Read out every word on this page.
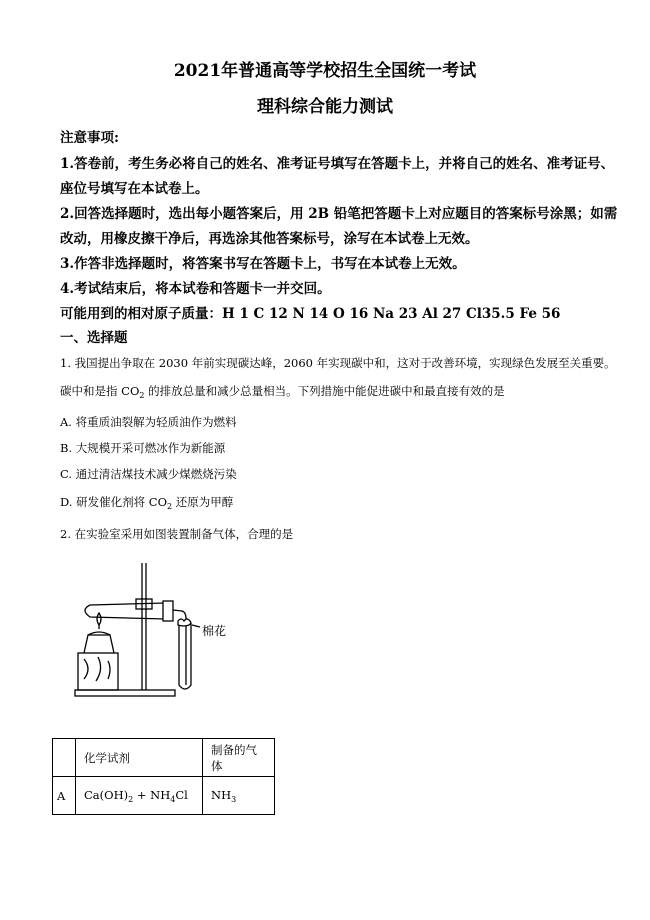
2021年普通高等学校招生全国统一考试
理科综合能力测试
注意事项:
1.答卷前，考生务必将自己的姓名、准考证号填写在答题卡上，并将自己的姓名、准考证号、
座位号填写在本试卷上。
2.回答选择题时，选出每小题答案后，用 2B 铅笔把答题卡上对应题目的答案标号涂黑；如需
改动，用橡皮擦干净后，再选涂其他答案标号，涂写在本试卷上无效。
3.作答非选择题时，将答案书写在答题卡上，书写在本试卷上无效。
4.考试结束后，将本试卷和答题卡一并交回。
可能用到的相对原子质量：H 1 C 12 N 14 O 16 Na 23 Al 27 Cl35.5 Fe 56
一、选择题
1. 我国提出争取在 2030 年前实现碳达峰，2060 年实现碳中和，这对于改善环境，实现绿色发展至关重要。
碳中和是指 $CO_2$ 的排放总量和减少总量相当。下列措施中能促进碳中和最直接有效的是
A. 将重质油裂解为轻质油作为燃料
B. 大规模开采可燃冰作为新能源
C. 通过清洁煤技术减少煤燃烧污染
D. 研发催化剂将 $CO_2$ 还原为甲醇
2. 在实验室采用如图装置制备气体，合理的是
棉花
	化学试剂	制备的气体
A	$Ca(OH)_2 + NH_4Cl$	$NH_3$
